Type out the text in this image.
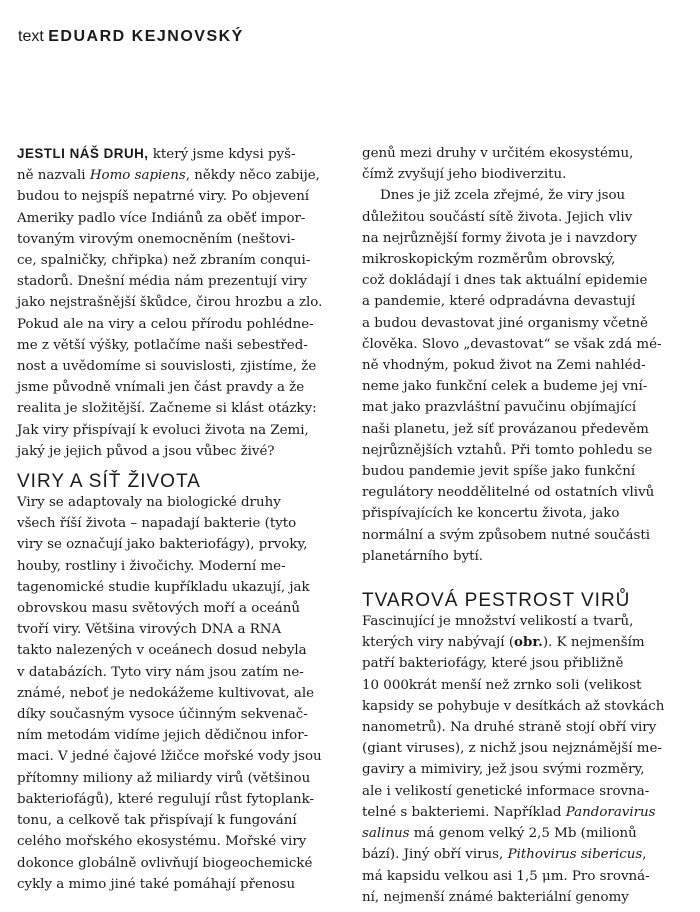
text EDUARD KEJNOVSKÝ

JESTLI NÁŠ DRUH, který jsme kdysi pyš-
ně nazvali Homo sapiens, někdy něco zabije,
budou to nejspíš nepatrné viry. Po objevení
Ameriky padlo více Indiánů za oběť impor-
tovaným virovým onemocněním (neštovi-
ce, spalničky, chřipka) než zbraním conqui-
stadorů. Dnešní média nám prezentují viry
jako nejstrašnější škůdce, čirou hrozbu a zlo.
Pokud ale na viry a celou přírodu pohlédne-
me z větší výšky, potlačíme naši sebestřed-
nost a uvědomíme si souvislosti, zjistíme, že
jsme původně vnímali jen část pravdy a že
realita je složitější. Začneme si klást otázky:
Jak viry přispívají k evoluci života na Zemi,
jaký je jejich původ a jsou vůbec živé?

VIRY A SÍŤ ŽIVOTA

Viry se adaptovaly na biologické druhy
všech říší života – napadají bakterie (tyto
viry se označují jako bakteriofágy), prvoky,
houby, rostliny i živočichy. Moderní me-
tagenomické studie kupříkladu ukazují, jak
obrovskou masu světových moří a oceánů
tvoří viry. Většina virových DNA a RNA
takto nalezených v oceánech dosud nebyla
v databázích. Tyto viry nám jsou zatím ne-
známé, neboť je nedokážeme kultivovat, ale
díky současným vysoce účinným sekvenač-
ním metodám vidíme jejich dědičnou infor-
maci. V jedné čajové lžičce mořské vody jsou
přítomny miliony až miliardy virů (většinou
bakteriofágů), které regulují růst fytoplank-
tonu, a celkově tak přispívají k fungování
celého mořského ekosystému. Mořské viry
dokonce globálně ovlivňují biogeochemické
cykly a mimo jiné také pomáhají přenosu

genů mezi druhy v určitém ekosystému,
čímž zvyšují jeho biodiverzitu.

Dnes je již zcela zřejmé, že viry jsou
důležitou součástí sítě života. Jejich vliv
na nejrůznější formy života je i navzdory
mikroskopickým rozměrům obrovský,
což dokládají i dnes tak aktuální epidemie
a pandemie, které odpradávna devastují
a budou devastovat jiné organismy včetně
člověka. Slovo „devastovat“ se však zdá mé-
ně vhodným, pokud život na Zemi nahléd-
neme jako funkční celek a budeme jej vní-
mat jako prazvláštní pavučinu objímající
naši planetu, jež síť provázanou předevěm
nejrůznějších vztahů. Při tomto pohledu se
budou pandemie jevit spíše jako funkční
regulátory neoddělitelné od ostatních vlivů
přispívajících ke koncertu života, jako
normální a svým způsobem nutné součásti
planetárního bytí.

TVAROVÁ PESTROST VIRŮ

Fascinující je množství velikostí a tvarů,
kterých viry nabývají (obr.). K nejmenším
patří bakteriofágy, které jsou přibližně
10 000krát menší než zrnko soli (velikost
kapsidy se pohybuje v desítkách až stovkách
nanometrů). Na druhé straně stojí obří viry
(giant viruses), z nichž jsou nejznámější me-
gaviry a mimiviry, jež jsou svými rozměry,
ale i velikostí genetické informace srovna-
telné s bakteriemi. Například Pandoravirus
salinus má genom velký 2,5 Mb (milionů
bází). Jiný obří virus, Pithovirus sibericus,
má kapsidu velkou asi 1,5 μm. Pro srovná-
ní, nejmenší známé bakteriální genomy
